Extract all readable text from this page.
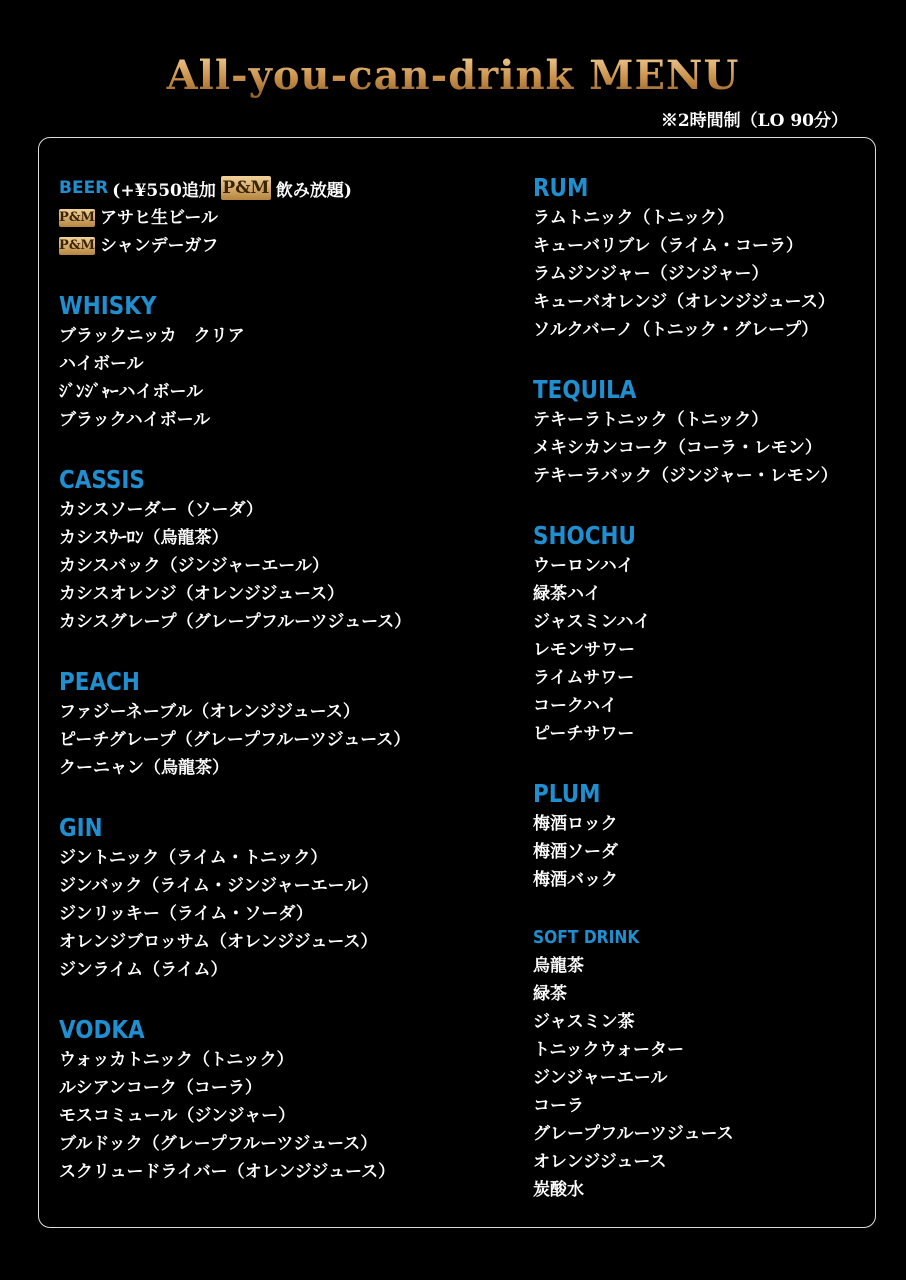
All-you-can-drink MENU
※2時間制（LO 90分）
BEER (+¥550追加 P&M 飲み放題)
P&M アサヒ生ビール
P&M シャンデーガフ
WHISKY
ブラックニッカ　クリア
ハイボール
ｼﾞﾝｼﾞｬｰハイボール
ブラックハイボール
CASSIS
カシスソーダー（ソーダ）
カシスｳｰﾛﾝ（烏龍茶）
カシスバック（ジンジャーエール）
カシスオレンジ（オレンジジュース）
カシスグレープ（グレープフルーツジュース）
PEACH
ファジーネーブル（オレンジジュース）
ピーチグレープ（グレープフルーツジュース）
クーニャン（烏龍茶）
GIN
ジントニック（ライム・トニック）
ジンバック（ライム・ジンジャーエール）
ジンリッキー（ライム・ソーダ）
オレンジブロッサム（オレンジジュース）
ジンライム（ライム）
VODKA
ウォッカトニック（トニック）
ルシアンコーク（コーラ）
モスコミュール（ジンジャー）
ブルドック（グレープフルーツジュース）
スクリュードライバー（オレンジジュース）
RUM
ラムトニック（トニック）
キューバリブレ（ライム・コーラ）
ラムジンジャー（ジンジャー）
キューバオレンジ（オレンジジュース）
ソルクバーノ（トニック・グレープ）
TEQUILA
テキーラトニック（トニック）
メキシカンコーク（コーラ・レモン）
テキーラバック（ジンジャー・レモン）
SHOCHU
ウーロンハイ
緑茶ハイ
ジャスミンハイ
レモンサワー
ライムサワー
コークハイ
ピーチサワー
PLUM
梅酒ロック
梅酒ソーダ
梅酒バック
SOFT DRINK
烏龍茶
緑茶
ジャスミン茶
トニックウォーター
ジンジャーエール
コーラ
グレープフルーツジュース
オレンジジュース
炭酸水
